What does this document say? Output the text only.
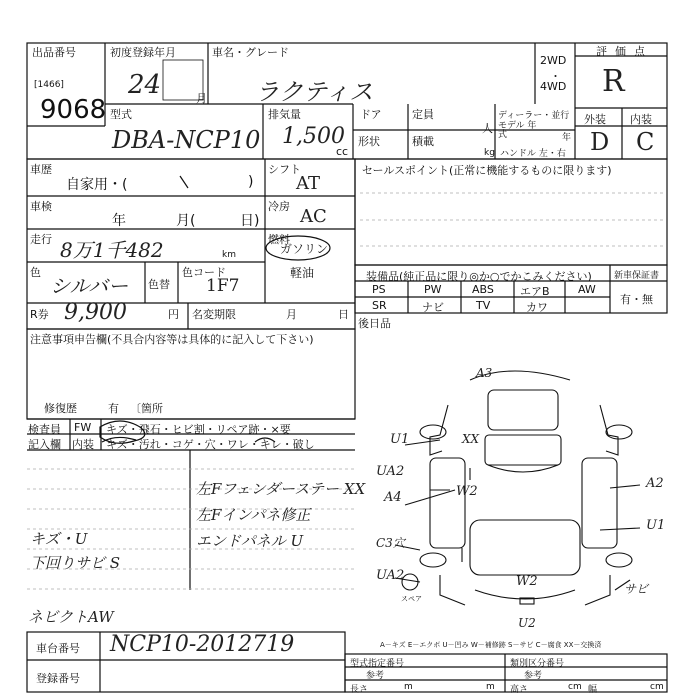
出品番号
[1466]
9068
初度登録年月
24	月
車名・グレード
ラクティス
ドア	定員
人
形状	積載
kg
ディーラー・並行
モデル 年式	年
ハンドル 左・右
2WD
・
4WD
評価点
R
外装 内装
D C
型式
DBA-NCP10
排気量
1,500
cc
車歴
自家用・(	)
シフト
AT
車検
年	月(	日)
冷房 AC
走行 8万1千482	km
燃料
ガソリン
軽油
色
シルバー 色替
色コード
1F7
R券 9,900	円 名変期限	月	日
セールスポイント(正常に機能するものに限ります)
装備品(純正品に限り◎か○でかこみください) 新車保証書
有・無
PS	PW	ABS エアB	AW
SR	ナビ	TV	カワ
後日品
注意事項申告欄(不具合内容等は具体的に記入して下さい)
修復歴	有 〔箇所
検査員
記入欄
FW
内装
キズ・飛石・ヒビ割・リペア跡・×要
キズ・汚れ・コゲ・穴・ワレ・キレ・破し
左Fフェンダーステー XX
左Fインパネ修正
エンドパネル U
キズ・U
下回りサビ S
ネビクトAW
A3
U1	XX
UA2
A4	W2
C3穴
UA2	W2
U2
A2
U1
サビ
スペア
A－キズ E－エクボ U－凹み W－補修跡 S－サビ C－腐食 XX－交換済
車台番号 NCP10-2012719
登録番号
型式指定番号	類別区分番号
参考	参考
長さ	m 高さ	cm 幅	cm
m
